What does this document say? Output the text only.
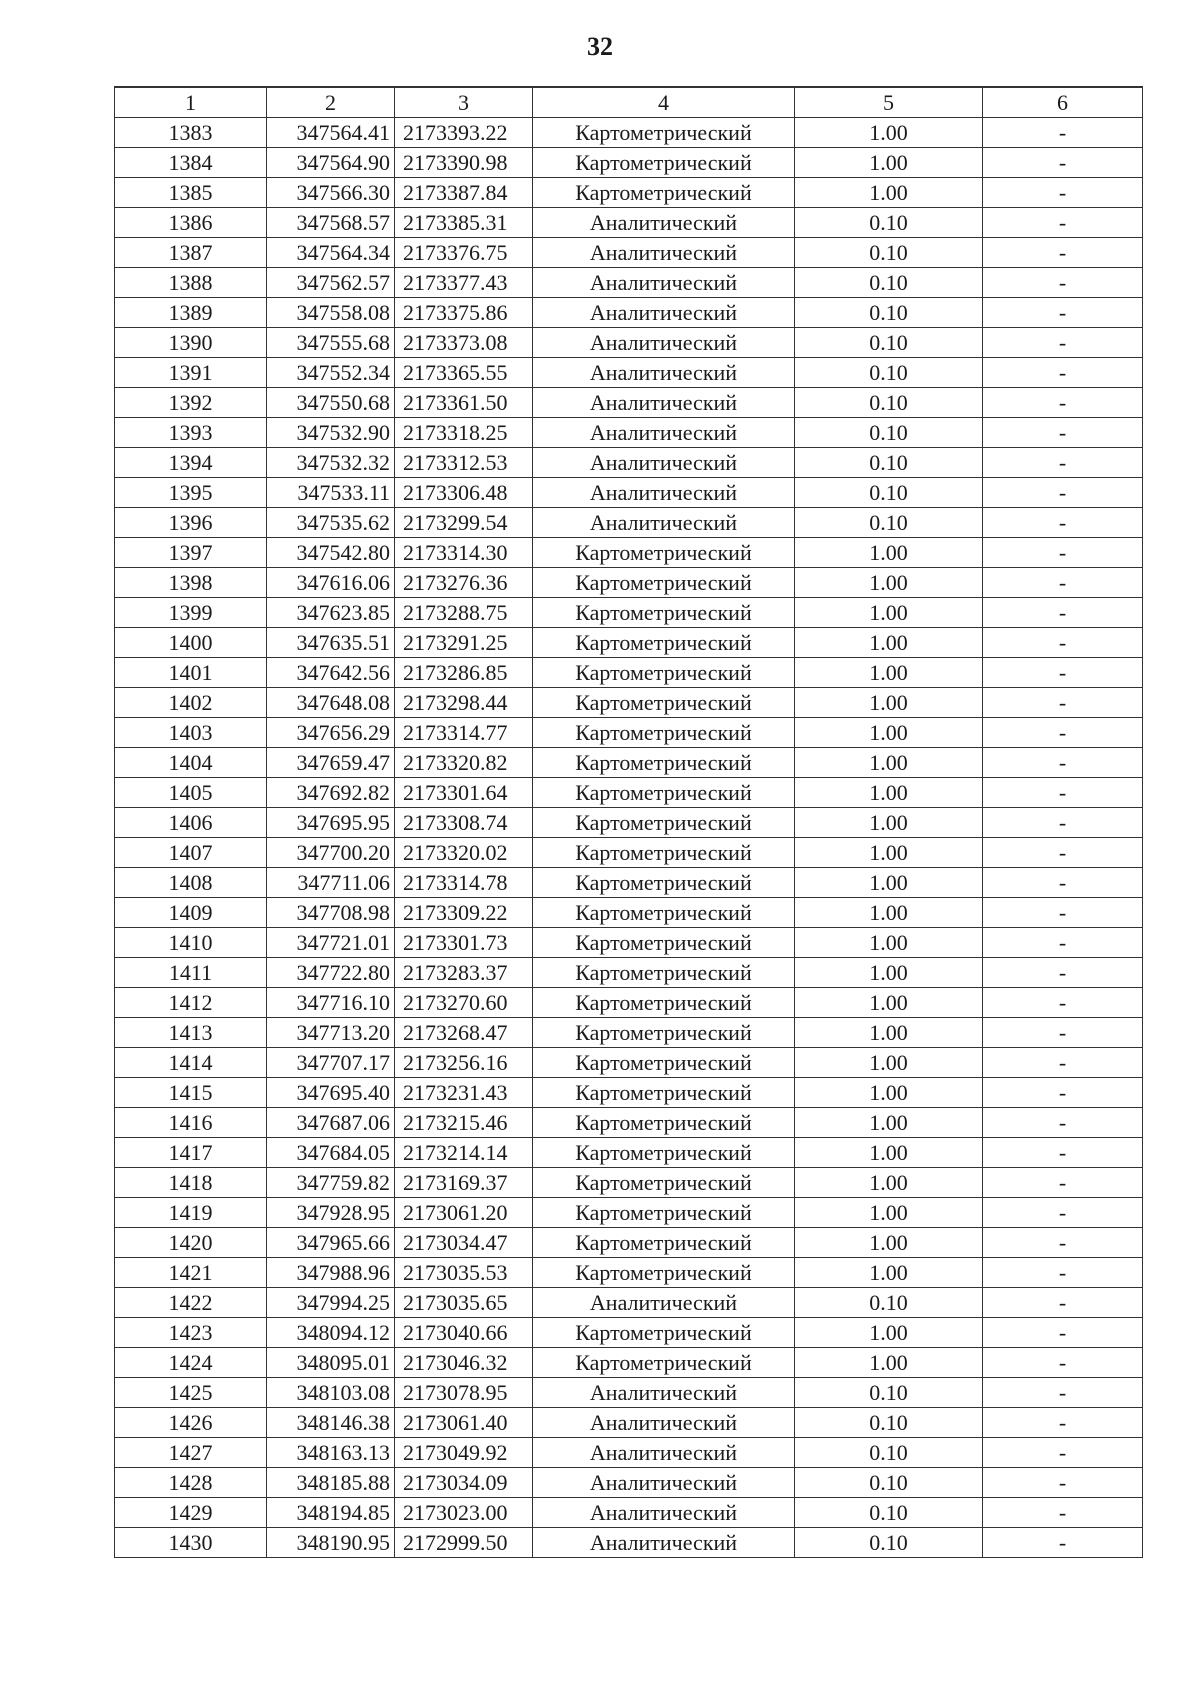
32
1	2	3	4	5	6
1383	347564.41	2173393.22	Картометрический	1.00	-
1384	347564.90	2173390.98	Картометрический	1.00	-
1385	347566.30	2173387.84	Картометрический	1.00	-
1386	347568.57	2173385.31	Аналитический	0.10	-
1387	347564.34	2173376.75	Аналитический	0.10	-
1388	347562.57	2173377.43	Аналитический	0.10	-
1389	347558.08	2173375.86	Аналитический	0.10	-
1390	347555.68	2173373.08	Аналитический	0.10	-
1391	347552.34	2173365.55	Аналитический	0.10	-
1392	347550.68	2173361.50	Аналитический	0.10	-
1393	347532.90	2173318.25	Аналитический	0.10	-
1394	347532.32	2173312.53	Аналитический	0.10	-
1395	347533.11	2173306.48	Аналитический	0.10	-
1396	347535.62	2173299.54	Аналитический	0.10	-
1397	347542.80	2173314.30	Картометрический	1.00	-
1398	347616.06	2173276.36	Картометрический	1.00	-
1399	347623.85	2173288.75	Картометрический	1.00	-
1400	347635.51	2173291.25	Картометрический	1.00	-
1401	347642.56	2173286.85	Картометрический	1.00	-
1402	347648.08	2173298.44	Картометрический	1.00	-
1403	347656.29	2173314.77	Картометрический	1.00	-
1404	347659.47	2173320.82	Картометрический	1.00	-
1405	347692.82	2173301.64	Картометрический	1.00	-
1406	347695.95	2173308.74	Картометрический	1.00	-
1407	347700.20	2173320.02	Картометрический	1.00	-
1408	347711.06	2173314.78	Картометрический	1.00	-
1409	347708.98	2173309.22	Картометрический	1.00	-
1410	347721.01	2173301.73	Картометрический	1.00	-
1411	347722.80	2173283.37	Картометрический	1.00	-
1412	347716.10	2173270.60	Картометрический	1.00	-
1413	347713.20	2173268.47	Картометрический	1.00	-
1414	347707.17	2173256.16	Картометрический	1.00	-
1415	347695.40	2173231.43	Картометрический	1.00	-
1416	347687.06	2173215.46	Картометрический	1.00	-
1417	347684.05	2173214.14	Картометрический	1.00	-
1418	347759.82	2173169.37	Картометрический	1.00	-
1419	347928.95	2173061.20	Картометрический	1.00	-
1420	347965.66	2173034.47	Картометрический	1.00	-
1421	347988.96	2173035.53	Картометрический	1.00	-
1422	347994.25	2173035.65	Аналитический	0.10	-
1423	348094.12	2173040.66	Картометрический	1.00	-
1424	348095.01	2173046.32	Картометрический	1.00	-
1425	348103.08	2173078.95	Аналитический	0.10	-
1426	348146.38	2173061.40	Аналитический	0.10	-
1427	348163.13	2173049.92	Аналитический	0.10	-
1428	348185.88	2173034.09	Аналитический	0.10	-
1429	348194.85	2173023.00	Аналитический	0.10	-
1430	348190.95	2172999.50	Аналитический	0.10	-
